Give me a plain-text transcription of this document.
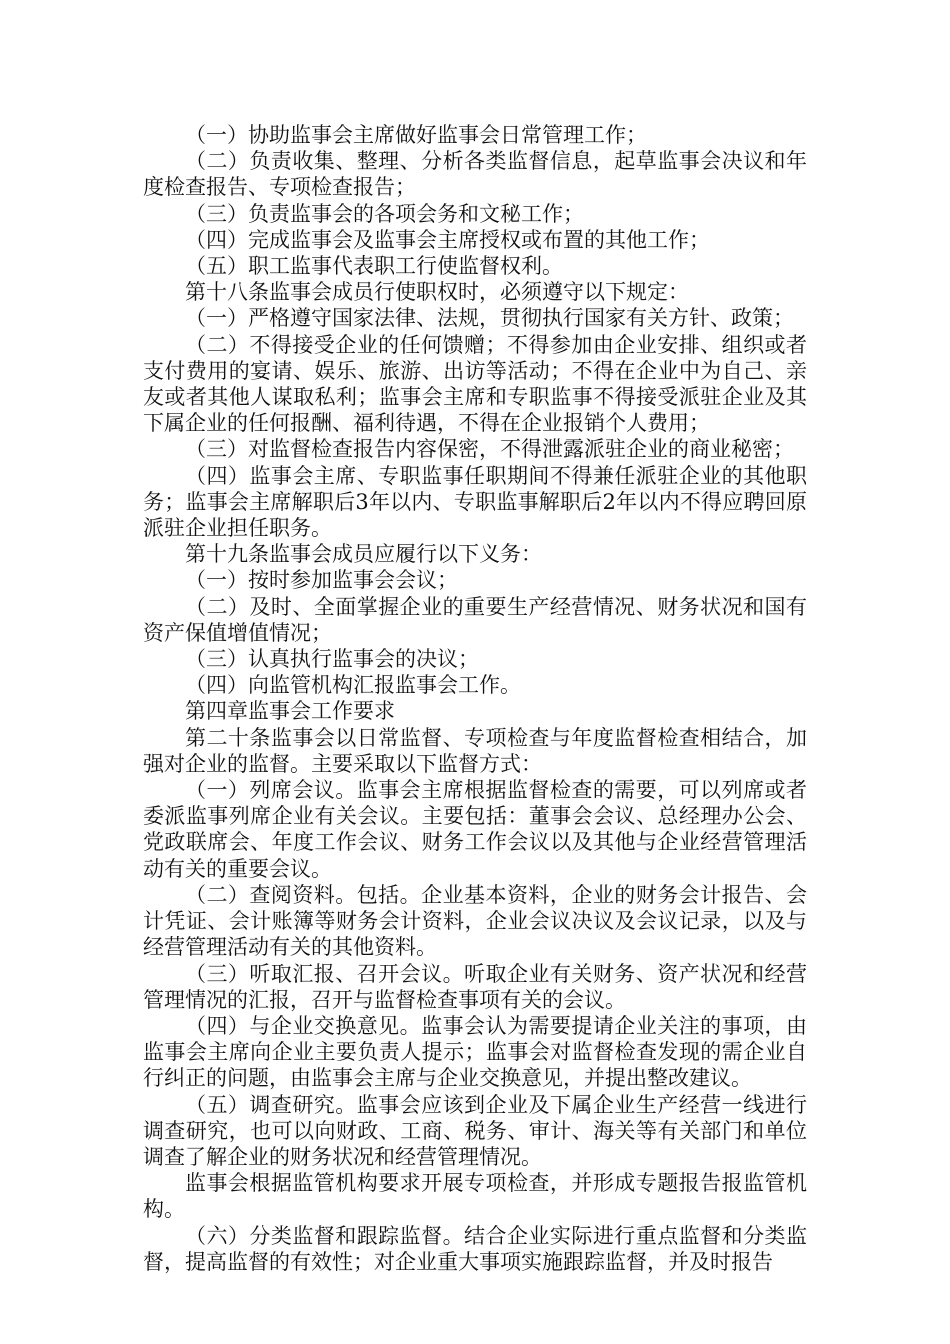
（一）协助监事会主席做好监事会日常管理工作；

（二）负责收集、整理、分析各类监督信息，起草监事会决议和年度检查报告、专项检查报告；

（三）负责监事会的各项会务和文秘工作；

（四）完成监事会及监事会主席授权或布置的其他工作；

（五）职工监事代表职工行使监督权利。

第十八条监事会成员行使职权时，必须遵守以下规定：

（一）严格遵守国家法律、法规，贯彻执行国家有关方针、政策；

（二）不得接受企业的任何馈赠；不得参加由企业安排、组织或者支付费用的宴请、娱乐、旅游、出访等活动；不得在企业中为自己、亲友或者其他人谋取私利；监事会主席和专职监事不得接受派驻企业及其下属企业的任何报酬、福利待遇，不得在企业报销个人费用；

（三）对监督检查报告内容保密，不得泄露派驻企业的商业秘密；

（四）监事会主席、专职监事任职期间不得兼任派驻企业的其他职务；监事会主席解职后3年以内、专职监事解职后2年以内不得应聘回原派驻企业担任职务。

第十九条监事会成员应履行以下义务：

（一）按时参加监事会会议；

（二）及时、全面掌握企业的重要生产经营情况、财务状况和国有资产保值增值情况；

（三）认真执行监事会的决议；

（四）向监管机构汇报监事会工作。

第四章监事会工作要求

第二十条监事会以日常监督、专项检查与年度监督检查相结合，加强对企业的监督。主要采取以下监督方式：

（一）列席会议。监事会主席根据监督检查的需要，可以列席或者委派监事列席企业有关会议。主要包括：董事会会议、总经理办公会、党政联席会、年度工作会议、财务工作会议以及其他与企业经营管理活动有关的重要会议。

（二）查阅资料。包括。企业基本资料，企业的财务会计报告、会计凭证、会计账簿等财务会计资料，企业会议决议及会议记录，以及与经营管理活动有关的其他资料。

（三）听取汇报、召开会议。听取企业有关财务、资产状况和经营管理情况的汇报，召开与监督检查事项有关的会议。

（四）与企业交换意见。监事会认为需要提请企业关注的事项，由监事会主席向企业主要负责人提示；监事会对监督检查发现的需企业自行纠正的问题，由监事会主席与企业交换意见，并提出整改建议。

（五）调查研究。监事会应该到企业及下属企业生产经营一线进行调查研究，也可以向财政、工商、税务、审计、海关等有关部门和单位调查了解企业的财务状况和经营管理情况。

监事会根据监管机构要求开展专项检查，并形成专题报告报监管机构。

（六）分类监督和跟踪监督。结合企业实际进行重点监督和分类监督，提高监督的有效性；对企业重大事项实施跟踪监督，并及时报告
